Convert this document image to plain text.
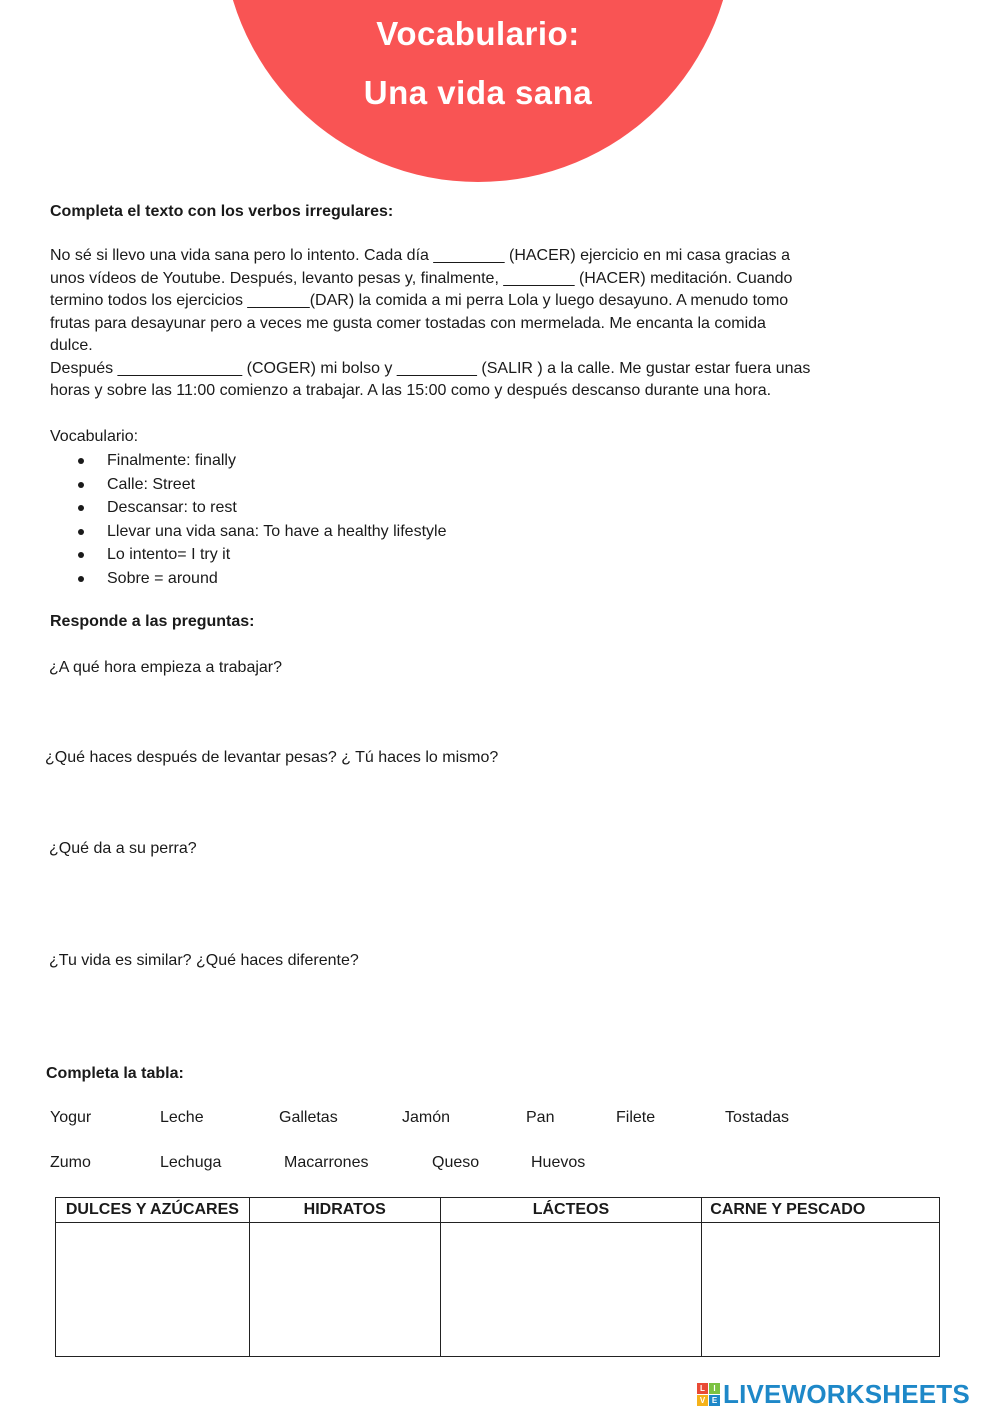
Vocabulario:
Una vida sana

Completa el texto con los verbos irregulares:

No sé si llevo una vida sana pero lo intento. Cada día ________ (HACER) ejercicio en mi casa gracias a
unos vídeos de Youtube. Después, levanto pesas y, finalmente, ________ (HACER) meditación. Cuando
termino todos los ejercicios _______(DAR) la comida a mi perra Lola y luego desayuno. A menudo tomo
frutas para desayunar pero a veces me gusta comer tostadas con mermelada. Me encanta la comida
dulce.
Después ______________ (COGER) mi bolso y _________ (SALIR ) a la calle. Me gustar estar fuera unas
horas y sobre las 11:00 comienzo a trabajar. A las 15:00 como y después descanso durante una hora.

Vocabulario:

Finalmente: finally
Calle: Street
Descansar: to rest
Llevar una vida sana: To have a healthy lifestyle
Lo intento= I try it
Sobre = around

Responde a las preguntas:

¿A qué hora empieza a trabajar?

¿Qué haces después de levantar pesas? ¿ Tú haces lo mismo?

¿Qué da a su perra?

¿Tu vida es similar? ¿Qué haces diferente?

Completa la tabla:

Yogur	Leche	Galletas	Jamón	Pan	Filete	Tostadas
Zumo	Lechuga	Macarrones	Queso	Huevos
DULCES Y AZÚCARES	HIDRATOS	LÁCTEOS	CARNE Y PESCADO

L	I
V E LIVEWORKSHEETS
